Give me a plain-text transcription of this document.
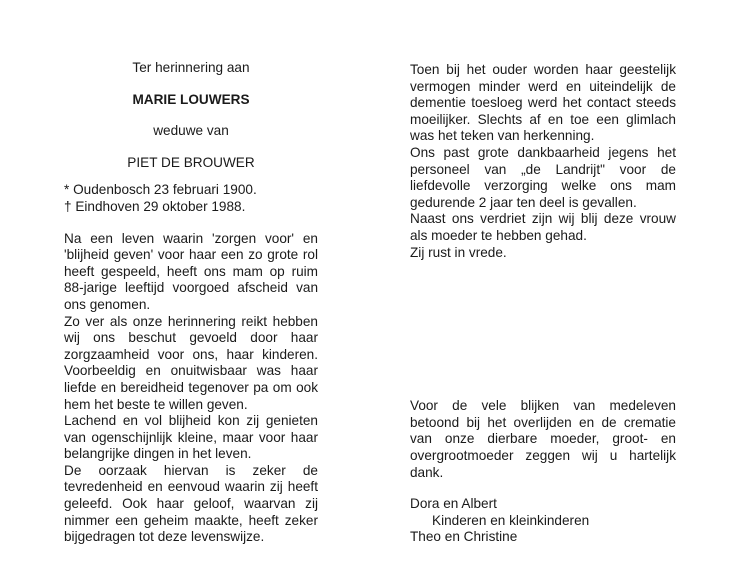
Ter herinnering aan
MARIE LOUWERS
weduwe van
PIET DE BROUWER
* Oudenbosch 23 februari 1900.
† Eindhoven 29 oktober 1988.

Na een leven waarin 'zorgen voor' en 'blijheid geven' voor haar een zo grote rol heeft gespeeld, heeft ons mam op ruim 88-jarige leeftijd voorgoed afscheid van ons genomen.

Zo ver als onze herinnering reikt hebben wij ons beschut gevoeld door haar zorgzaamheid voor ons, haar kinderen. Voorbeeldig en onuitwisbaar was haar liefde en bereidheid tegenover pa om ook hem het beste te willen geven.

Lachend en vol blijheid kon zij genieten van ogenschijnlijk kleine, maar voor haar belangrijke dingen in het leven.

De oorzaak hiervan is zeker de tevredenheid en eenvoud waarin zij heeft geleefd. Ook haar geloof, waarvan zij nimmer een geheim maakte, heeft zeker bijgedragen tot deze levenswijze.

Toen bij het ouder worden haar geestelijk vermogen minder werd en uiteindelijk de dementie toesloeg werd het contact steeds moeilijker. Slechts af en toe een glimlach was het teken van herkenning.

Ons past grote dankbaarheid jegens het personeel van „de Landrijt" voor de liefdevolle verzorging welke ons mam gedurende 2 jaar ten deel is gevallen.

Naast ons verdriet zijn wij blij deze vrouw als moeder te hebben gehad.

Zij rust in vrede.

Voor de vele blijken van medeleven betoond bij het overlijden en de crematie van onze dierbare moeder, groot- en overgrootmoeder zeggen wij u hartelijk dank.

Dora en Albert
Kinderen en kleinkinderen
Theo en Christine
